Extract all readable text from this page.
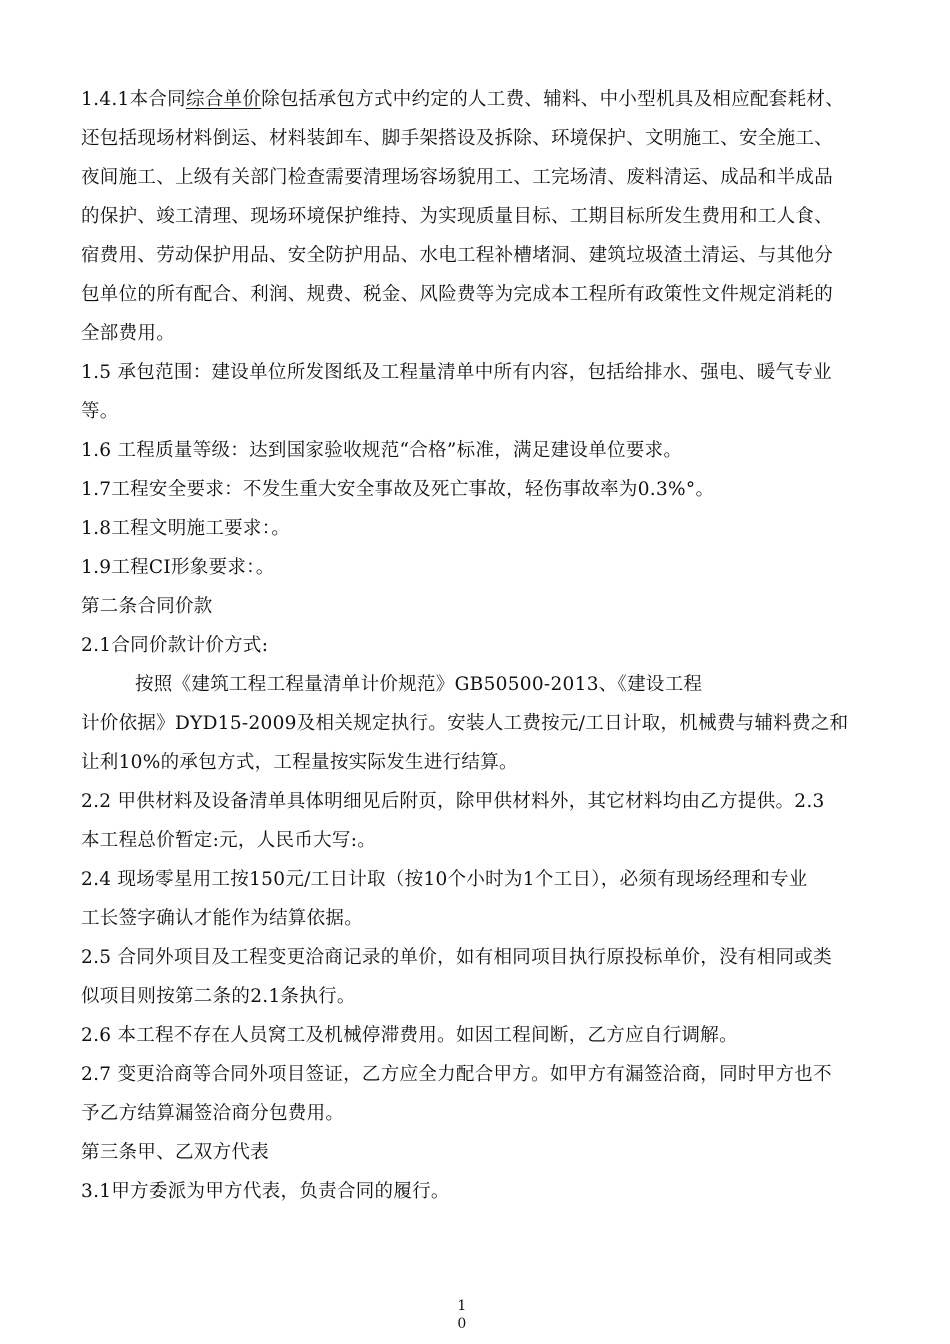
1.4.1本合同综合单价除包括承包方式中约定的人工费、辅料、中小型机具及相应配套耗材、
还包括现场材料倒运、材料装卸车、脚手架搭设及拆除、环境保护、文明施工、安全施工、
夜间施工、上级有关部门检查需要清理场容场貌用工、工完场清、废料清运、成品和半成品
的保护、竣工清理、现场环境保护维持、为实现质量目标、工期目标所发生费用和工人食、
宿费用、劳动保护用品、安全防护用品、水电工程补槽堵洞、建筑垃圾渣土清运、与其他分
包单位的所有配合、利润、规费、税金、风险费等为完成本工程所有政策性文件规定消耗的
全部费用。
1.5 承包范围：建设单位所发图纸及工程量清单中所有内容，包括给排水、强电、暖气专业
等。
1.6 工程质量等级：达到国家验收规范“合格”标准，满足建设单位要求。
1.7工程安全要求：不发生重大安全事故及死亡事故，轻伤事故率为0.3%°。
1.8工程文明施工要求：。
1.9工程CI形象要求：。
第二条合同价款
2.1合同价款计价方式:
按照《建筑工程工程量清单计价规范》GB50500-2013、《建设工程
计价依据》DYD15-2009及相关规定执行。安装人工费按元/工日计取，机械费与辅料费之和
让利10%的承包方式，工程量按实际发生进行结算。
2.2 甲供材料及设备清单具体明细见后附页，除甲供材料外，其它材料均由乙方提供。2.3
本工程总价暂定:元，人民币大写:。
2.4 现场零星用工按150元/工日计取（按10个小时为1个工日），必须有现场经理和专业
工长签字确认才能作为结算依据。
2.5 合同外项目及工程变更洽商记录的单价，如有相同项目执行原投标单价，没有相同或类
似项目则按第二条的2.1条执行。
2.6 本工程不存在人员窝工及机械停滞费用。如因工程间断，乙方应自行调解。
2.7 变更洽商等合同外项目签证，乙方应全力配合甲方。如甲方有漏签洽商，同时甲方也不
予乙方结算漏签洽商分包费用。
第三条甲、乙双方代表
3.1甲方委派为甲方代表，负责合同的履行。
1
0
